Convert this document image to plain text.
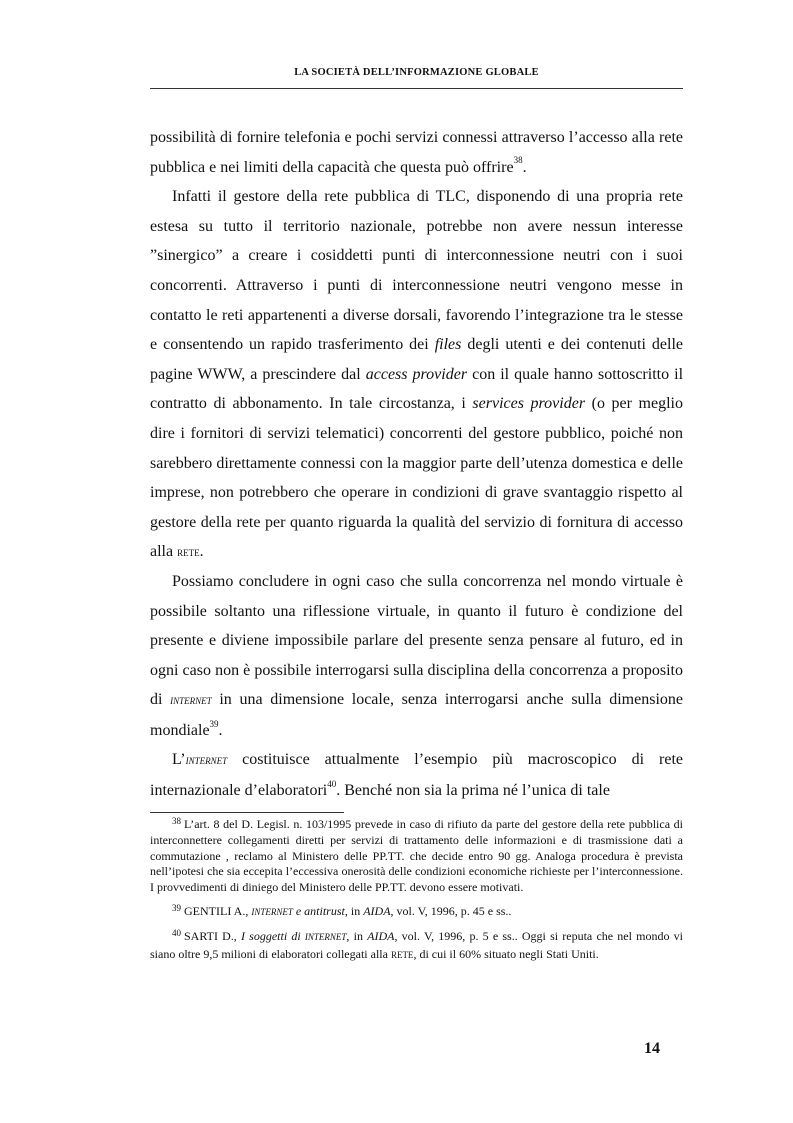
LA SOCIETÀ DELL’INFORMAZIONE GLOBALE

possibilità di fornire telefonia e pochi servizi connessi attraverso l’accesso alla rete pubblica e nei limiti della capacità che questa può offrire$^{38}$.

Infatti il gestore della rete pubblica di TLC, disponendo di una propria rete estesa su tutto il territorio nazionale, potrebbe non avere nessun interesse ”sinergico” a creare i cosiddetti punti di interconnessione neutri con i suoi concorrenti. Attraverso i punti di interconnessione neutri vengono messe in contatto le reti appartenenti a diverse dorsali, favorendo l’integrazione tra le stesse e consentendo un rapido trasferimento dei files degli utenti e dei contenuti delle pagine WWW, a prescindere dal access provider con il quale hanno sottoscritto il contratto di abbonamento. In tale circostanza, i services provider (o per meglio dire i fornitori di servizi telematici) concorrenti del gestore pubblico, poiché non sarebbero direttamente connessi con la maggior parte dell’utenza domestica e delle imprese, non potrebbero che operare in condizioni di grave svantaggio rispetto al gestore della rete per quanto riguarda la qualità del servizio di fornitura di accesso alla rete.

Possiamo concludere in ogni caso che sulla concorrenza nel mondo virtuale è possibile soltanto una riflessione virtuale, in quanto il futuro è condizione del presente e diviene impossibile parlare del presente senza pensare al futuro, ed in ogni caso non è possibile interrogarsi sulla disciplina della concorrenza a proposito di internet in una dimensione locale, senza interrogarsi anche sulla dimensione mondiale$^{39}$.

L’internet costituisce attualmente l’esempio più macroscopico di rete internazionale d’elaboratori$^{40}$. Benché non sia la prima né l’unica di tale

$^{38}$ L’art. 8 del D. Legisl. n. 103/1995 prevede in caso di rifiuto da parte del gestore della rete pubblica di interconnettere collegamenti diretti per servizi di trattamento delle informazioni e di trasmissione dati a commutazione , reclamo al Ministero delle PP.TT. che decide entro 90 gg. Analoga procedura è prevista nell’ipotesi che sia eccepita l’eccessiva onerosità delle condizioni economiche richieste per l’interconnessione. I provvedimenti di diniego del Ministero delle PP.TT. devono essere motivati.

$^{39}$ GENTILI A., internet e antitrust, in AIDA, vol. V, 1996, p. 45 e ss..

$^{40}$ SARTI D., I soggetti di internet, in AIDA, vol. V, 1996, p. 5 e ss.. Oggi si reputa che nel mondo vi siano oltre 9,5 milioni di elaboratori collegati alla rete, di cui il 60% situato negli Stati Uniti.

14
